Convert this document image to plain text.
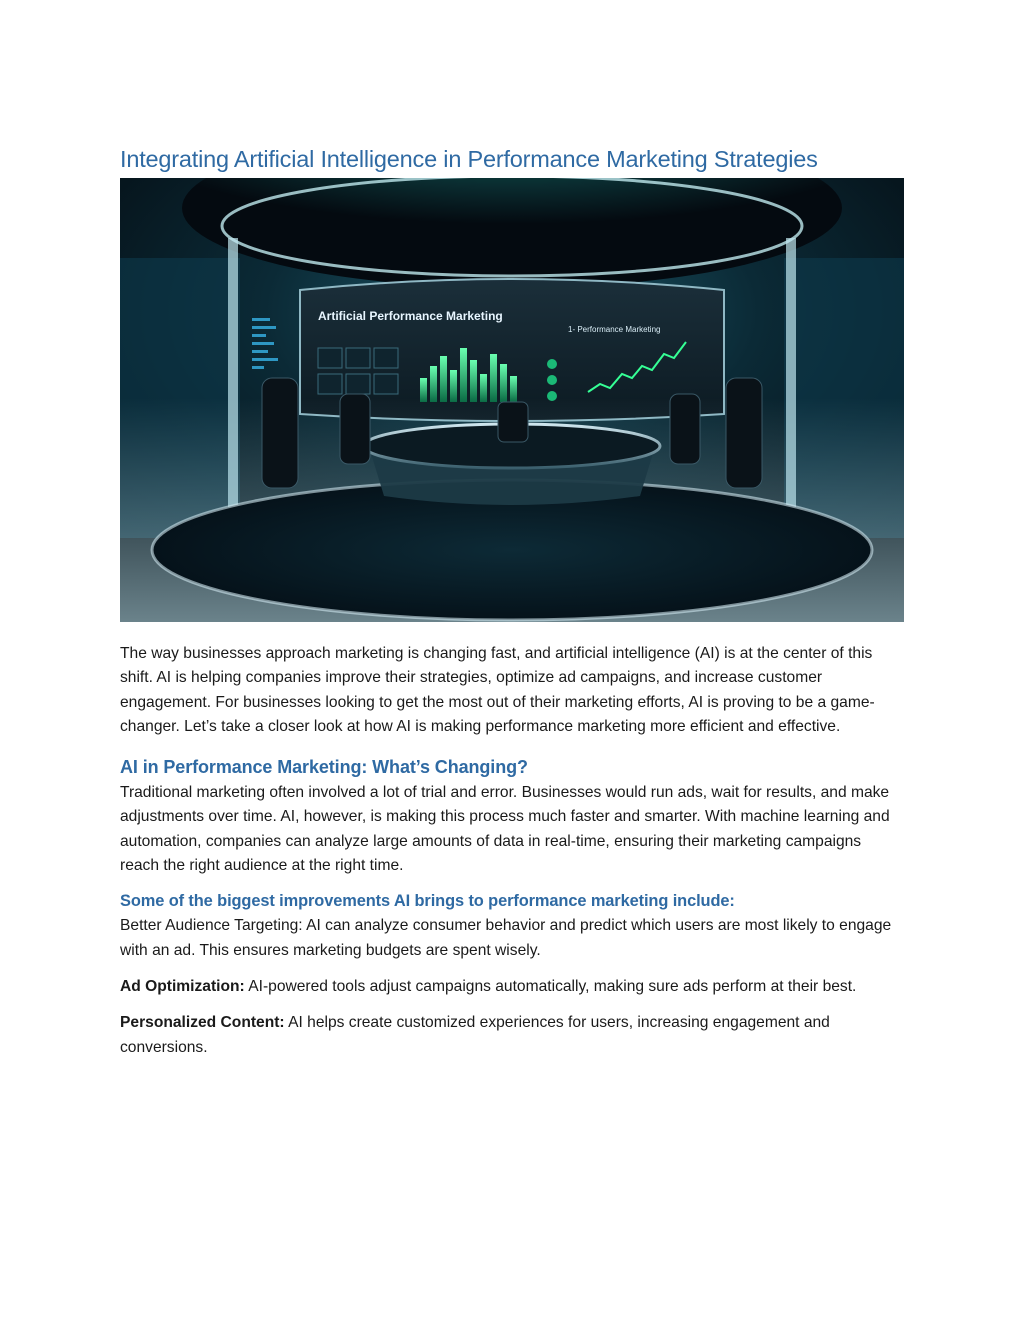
Integrating Artificial Intelligence in Performance Marketing Strategies
Artificial Performance Marketing
1- Performance Marketing

The way businesses approach marketing is changing fast, and artificial intelligence (AI) is at the center of this shift. AI is helping companies improve their strategies, optimize ad campaigns, and increase customer engagement. For businesses looking to get the most out of their marketing efforts, AI is proving to be a game-changer. Let’s take a closer look at how AI is making performance marketing more efficient and effective.

AI in Performance Marketing: What’s Changing?

Traditional marketing often involved a lot of trial and error. Businesses would run ads, wait for results, and make adjustments over time. AI, however, is making this process much faster and smarter. With machine learning and automation, companies can analyze large amounts of data in real-time, ensuring their marketing campaigns reach the right audience at the right time.

Some of the biggest improvements AI brings to performance marketing include:

Better Audience Targeting: AI can analyze consumer behavior and predict which users are most likely to engage with an ad. This ensures marketing budgets are spent wisely.

Ad Optimization: AI-powered tools adjust campaigns automatically, making sure ads perform at their best.

Personalized Content: AI helps create customized experiences for users, increasing engagement and conversions.
